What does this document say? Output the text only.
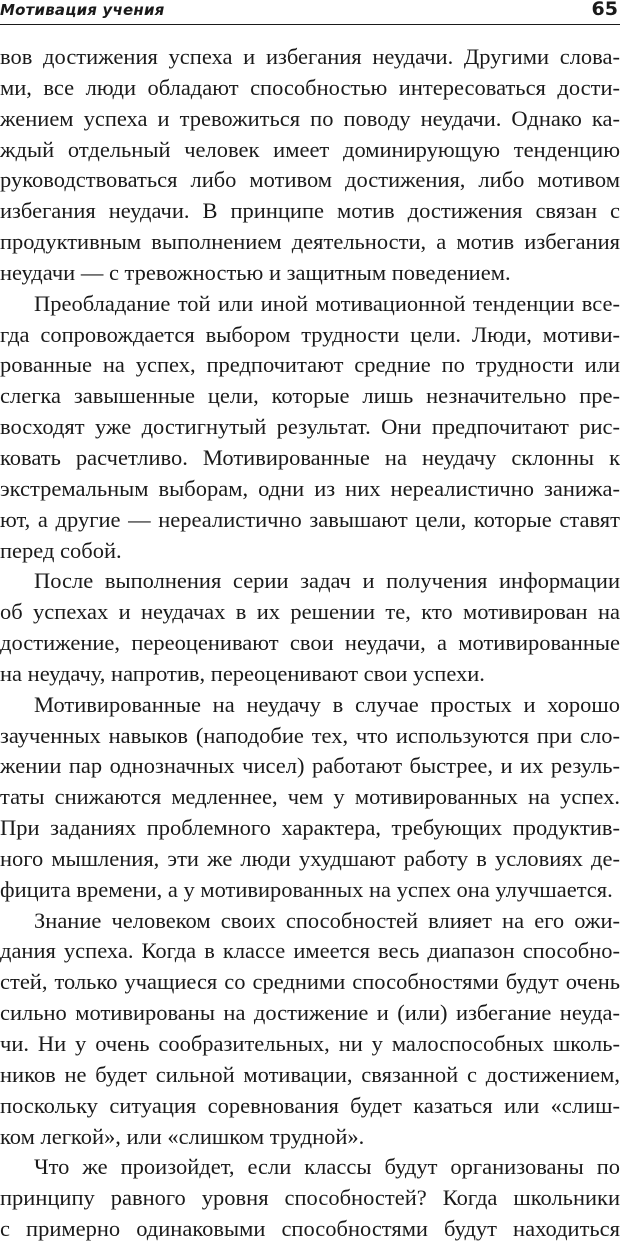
Мотивация учения	65
вов достижения успеха и избегания неудачи. Другими слова-
ми, все люди обладают способностью интересоваться дости-
жением успеха и тревожиться по поводу неудачи. Однако ка-
ждый отдельный человек имеет доминирующую тенденцию
руководствоваться либо мотивом достижения, либо мотивом
избегания неудачи. В принципе мотив достижения связан с
продуктивным выполнением деятельности, а мотив избегания
неудачи — с тревожностью и защитным поведением.
Преобладание той или иной мотивационной тенденции все-
гда сопровождается выбором трудности цели. Люди, мотиви-
рованные на успех, предпочитают средние по трудности или
слегка завышенные цели, которые лишь незначительно пре-
восходят уже достигнутый результат. Они предпочитают рис-
ковать расчетливо. Мотивированные на неудачу склонны к
экстремальным выборам, одни из них нереалистично занижа-
ют, а другие — нереалистично завышают цели, которые ставят
перед собой.
После выполнения серии задач и получения информации
об успехах и неудачах в их решении те, кто мотивирован на
достижение, переоценивают свои неудачи, а мотивированные
на неудачу, напротив, переоценивают свои успехи.
Мотивированные на неудачу в случае простых и хорошо
заученных навыков (наподобие тех, что используются при сло-
жении пар однозначных чисел) работают быстрее, и их резуль-
таты снижаются медленнее, чем у мотивированных на успех.
При заданиях проблемного характера, требующих продуктив-
ного мышления, эти же люди ухудшают работу в условиях де-
фицита времени, а у мотивированных на успех она улучшается.
Знание человеком своих способностей влияет на его ожи-
дания успеха. Когда в классе имеется весь диапазон способно-
стей, только учащиеся со средними способностями будут очень
сильно мотивированы на достижение и (или) избегание неуда-
чи. Ни у очень сообразительных, ни у малоспособных школь-
ников не будет сильной мотивации, связанной с достижением,
поскольку ситуация соревнования будет казаться или «слиш-
ком легкой», или «слишком трудной».
Что же произойдет, если классы будут организованы по
принципу равного уровня способностей? Когда школьники
с примерно одинаковыми способностями будут находиться
